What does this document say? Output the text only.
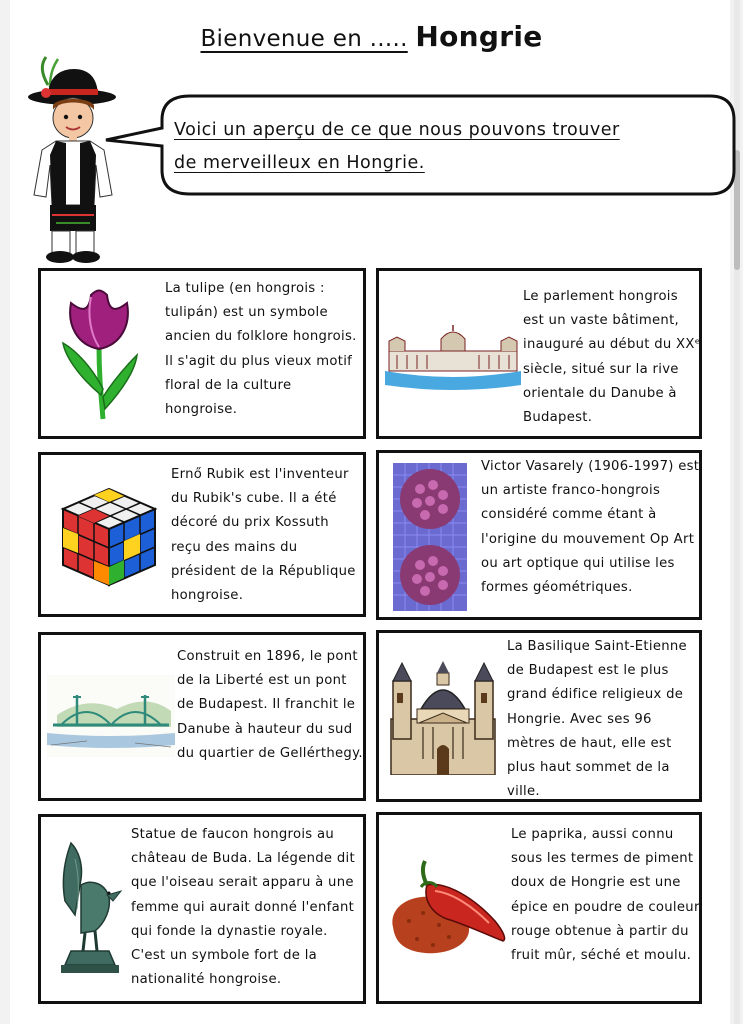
Bienvenue en ..... Hongrie
Voici un aperçu de ce que nous pouvons trouver
de merveilleux en Hongrie.

La tulipe (en hongrois : tulipán) est un symbole ancien du folklore hongrois. Il s'agit du plus vieux motif floral de la culture hongroise.

Le parlement hongrois est un vaste bâtiment, inauguré au début du XXᵉ siècle, situé sur la rive orientale du Danube à Budapest.

Ernő Rubik est l'inventeur du Rubik's cube. Il a été décoré du prix Kossuth reçu des mains du président de la République hongroise.

Victor Vasarely (1906-1997) est un artiste franco-hongrois considéré comme étant à l'origine du mouvement Op Art ou art optique qui utilise les formes géométriques.

Construit en 1896, le pont de la Liberté est un pont de Budapest. Il franchit le Danube à hauteur du sud du quartier de Gellérthegy.

La Basilique Saint-Etienne de Budapest est le plus grand édifice religieux de Hongrie. Avec ses 96 mètres de haut, elle est plus haut sommet de la ville.

Statue de faucon hongrois au château de Buda. La légende dit que l'oiseau serait apparu à une femme qui aurait donné l'enfant qui fonde la dynastie royale. C'est un symbole fort de la nationalité hongroise.

Le paprika, aussi connu sous les termes de piment doux de Hongrie est une épice en poudre de couleur rouge obtenue à partir du fruit mûr, séché et moulu.
